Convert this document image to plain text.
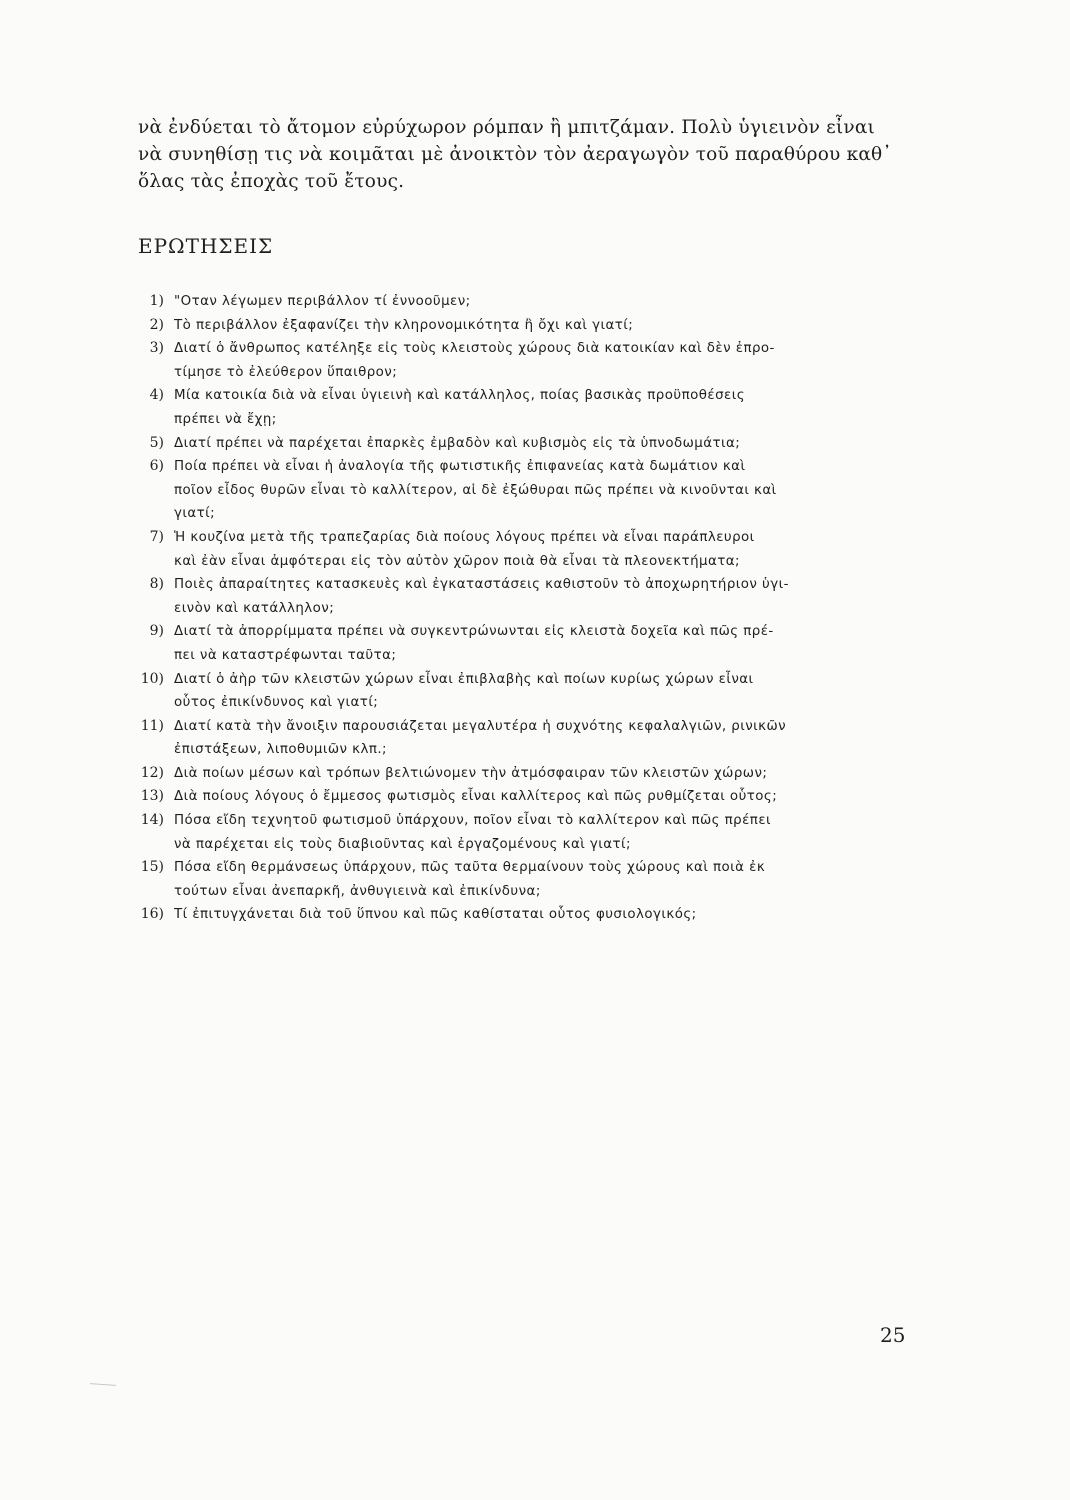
νὰ ἐνδύεται τὸ ἄτομον εὐρύχωρον ρόμπαν ἢ μπιτζάμαν. Πολὺ ὑγιεινὸν εἶναι
νὰ συνηθίσῃ τις νὰ κοιμᾶται μὲ ἀνοικτὸν τὸν ἀεραγωγὸν τοῦ παραθύρου καθ᾽
ὅλας τὰς ἐποχὰς τοῦ ἔτους.
ΕΡΩΤΗΣΕΙΣ
1) "Οταν λέγωμεν περιβάλλον τί ἐννοοῦμεν;
2) Τὸ περιβάλλον ἐξαφανίζει τὴν κληρονομικότητα ἢ ὄχι καὶ γιατί;
3) Διατί ὁ ἄνθρωπος κατέληξε εἰς τοὺς κλειστοὺς χώρους διὰ κατοικίαν καὶ δὲν ἐπρο-
τίμησε τὸ ἐλεύθερον ὕπαιθρον;
4) Μία κατοικία διὰ νὰ εἶναι ὑγιεινὴ καὶ κατάλληλος, ποίας βασικὰς προϋποθέσεις
πρέπει νὰ ἔχῃ;
5) Διατί πρέπει νὰ παρέχεται ἐπαρκὲς ἐμβαδὸν καὶ κυβισμὸς εἰς τὰ ὑπνοδωμάτια;
6) Ποία πρέπει νὰ εἶναι ἡ ἀναλογία τῆς φωτιστικῆς ἐπιφανείας κατὰ δωμάτιον καὶ
ποῖον εἶδος θυρῶν εἶναι τὸ καλλίτερον, αἱ δὲ ἐξώθυραι πῶς πρέπει νὰ κινοῦνται καὶ
γιατί;
7) Ἡ κουζίνα μετὰ τῆς τραπεζαρίας διὰ ποίους λόγους πρέπει νὰ εἶναι παράπλευροι
καὶ ἐὰν εἶναι ἀμφότεραι εἰς τὸν αὐτὸν χῶρον ποιὰ θὰ εἶναι τὰ πλεονεκτήματα;
8) Ποιὲς ἀπαραίτητες κατασκευὲς καὶ ἐγκαταστάσεις καθιστοῦν τὸ ἀποχωρητήριον ὑγι-
εινὸν καὶ κατάλληλον;
9) Διατί τὰ ἀπορρίμματα πρέπει νὰ συγκεντρώνωνται εἰς κλειστὰ δοχεῖα καὶ πῶς πρέ-
πει νὰ καταστρέφωνται ταῦτα;
10) Διατί ὁ ἀὴρ τῶν κλειστῶν χώρων εἶναι ἐπιβλαβὴς καὶ ποίων κυρίως χώρων εἶναι
οὗτος ἐπικίνδυνος καὶ γιατί;
11) Διατί κατὰ τὴν ἄνοιξιν παρουσιάζεται μεγαλυτέρα ἡ συχνότης κεφαλαλγιῶν, ρινικῶν
ἐπιστάξεων, λιποθυμιῶν κλπ.;
12) Διὰ ποίων μέσων καὶ τρόπων βελτιώνομεν τὴν ἀτμόσφαιραν τῶν κλειστῶν χώρων;
13) Διὰ ποίους λόγους ὁ ἔμμεσος φωτισμὸς εἶναι καλλίτερος καὶ πῶς ρυθμίζεται οὗτος;
14) Πόσα εἴδη τεχνητοῦ φωτισμοῦ ὑπάρχουν, ποῖον εἶναι τὸ καλλίτερον καὶ πῶς πρέπει
νὰ παρέχεται εἰς τοὺς διαβιοῦντας καὶ ἐργαζομένους καὶ γιατί;
15) Πόσα εἴδη θερμάνσεως ὑπάρχουν, πῶς ταῦτα θερμαίνουν τοὺς χώρους καὶ ποιὰ ἐκ
τούτων εἶναι ἀνεπαρκῆ, ἀνθυγιεινὰ καὶ ἐπικίνδυνα;
16) Τί ἐπιτυγχάνεται διὰ τοῦ ὕπνου καὶ πῶς καθίσταται οὗτος φυσιολογικός;
25
